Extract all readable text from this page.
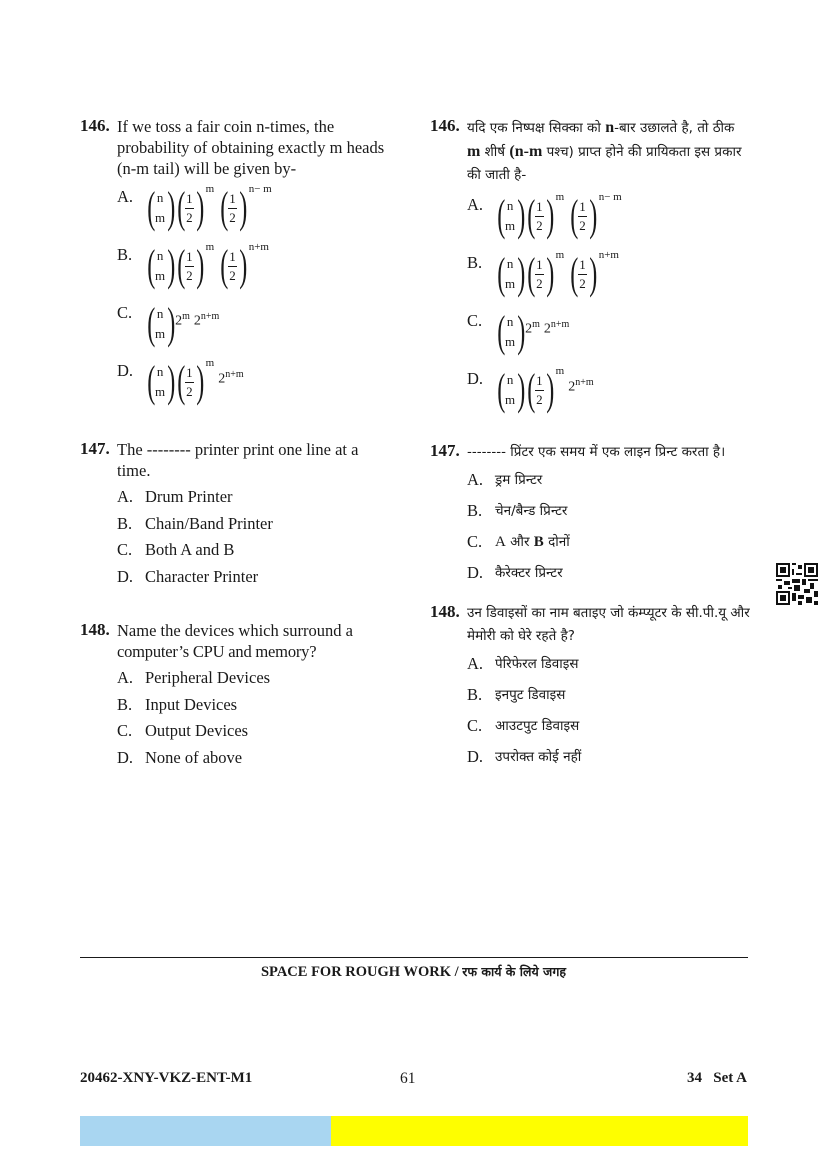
146. If we toss a fair coin n-times, the probability of obtaining exactly m heads (n-m tail) will be given by-
A. ( n
m ) ( $\frac{1}{2}$ ) m ( $\frac{1}{2}$ ) n− m
B. ( n
m ) ( $\frac{1}{2}$ ) m ( $\frac{1}{2}$ ) n+m
C. ( n
m ) 2$^m$ $2^{n+m}$
D. ( n
m ) ( $\frac{1}{2}$ ) m
$2^{n+m}$
147. The -------- printer print one line at a time.
A. Drum Printer
B. Chain/Band Printer
C. Both A and B
D. Character Printer
148. Name the devices which surround a computer’s CPU and memory?
A. Peripheral Devices
B. Input Devices
C. Output Devices
D. None of above
146. यदि एक निष्पक्ष सिक्का को n-बार उछालते है, तो ठीक m शीर्ष (n-m पश्च) प्राप्त होने की प्रायिकता इस प्रकार की जाती है-
A. ( n
m ) ( $\frac{1}{2}$ ) m ( $\frac{1}{2}$ ) n− m
B. ( n
m ) ( $\frac{1}{2}$ ) m ( $\frac{1}{2}$ ) n+m
C. ( n
m ) 2$^m$ $2^{n+m}$
D. ( n
m ) ( $\frac{1}{2}$ ) m
$2^{n+m}$
147. -------- प्रिंटर एक समय में एक लाइन प्रिन्ट करता है।
A. ड्रम प्रिन्टर
B. चेन/बैन्ड प्रिन्टर
C. A और B दोनों
D. कैरेक्टर प्रिन्टर
148. उन डिवाइसों का नाम बताइए जो कंम्प्यूटर के सी.पी.यू और मेमोरी को घेरे रहते है?
A. पेरिफेरल डिवाइस
B. इनपुट डिवाइस
C. आउटपुट डिवाइस
D. उपरोक्त कोई नहीं
SPACE FOR ROUGH WORK / रफ कार्य के लिये जगह
20462-XNY-VKZ-ENT-M1	61	34   Set A
